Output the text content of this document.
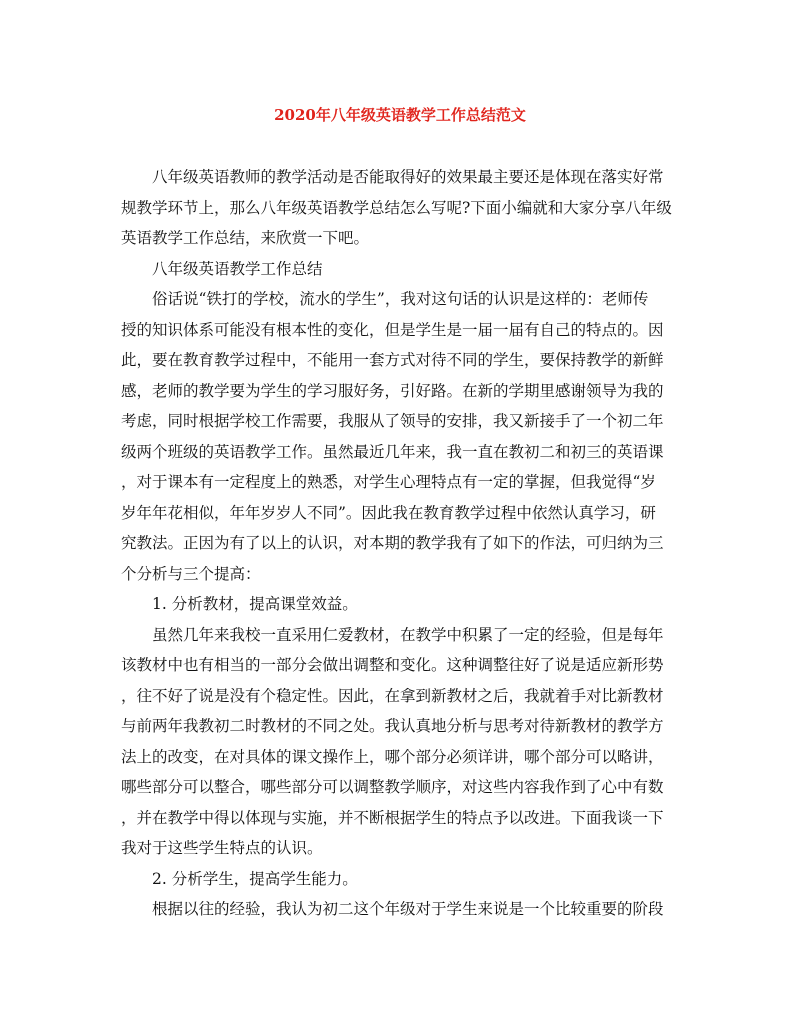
2020年八年级英语教学工作总结范文
八年级英语教师的教学活动是否能取得好的效果最主要还是体现在落实好常
规教学环节上，那么八年级英语教学总结怎么写呢?下面小编就和大家分享八年级
英语教学工作总结，来欣赏一下吧。
八年级英语教学工作总结
俗话说“铁打的学校，流水的学生”，我对这句话的认识是这样的：老师传
授的知识体系可能没有根本性的变化，但是学生是一届一届有自己的特点的。因
此，要在教育教学过程中，不能用一套方式对待不同的学生，要保持教学的新鲜
感，老师的教学要为学生的学习服好务，引好路。在新的学期里感谢领导为我的
考虑，同时根据学校工作需要，我服从了领导的安排，我又新接手了一个初二年
级两个班级的英语教学工作。虽然最近几年来，我一直在教初二和初三的英语课
，对于课本有一定程度上的熟悉，对学生心理特点有一定的掌握，但我觉得“岁
岁年年花相似，年年岁岁人不同”。因此我在教育教学过程中依然认真学习，研
究教法。正因为有了以上的认识，对本期的教学我有了如下的作法，可归纳为三
个分析与三个提高：
1. 分析教材，提高课堂效益。
虽然几年来我校一直采用仁爱教材，在教学中积累了一定的经验，但是每年
该教材中也有相当的一部分会做出调整和变化。这种调整往好了说是适应新形势
，往不好了说是没有个稳定性。因此，在拿到新教材之后，我就着手对比新教材
与前两年我教初二时教材的不同之处。我认真地分析与思考对待新教材的教学方
法上的改变，在对具体的课文操作上，哪个部分必须详讲，哪个部分可以略讲，
哪些部分可以整合，哪些部分可以调整教学顺序，对这些内容我作到了心中有数
，并在教学中得以体现与实施，并不断根据学生的特点予以改进。下面我谈一下
我对于这些学生特点的认识。
2. 分析学生，提高学生能力。
根据以往的经验，我认为初二这个年级对于学生来说是一个比较重要的阶段
